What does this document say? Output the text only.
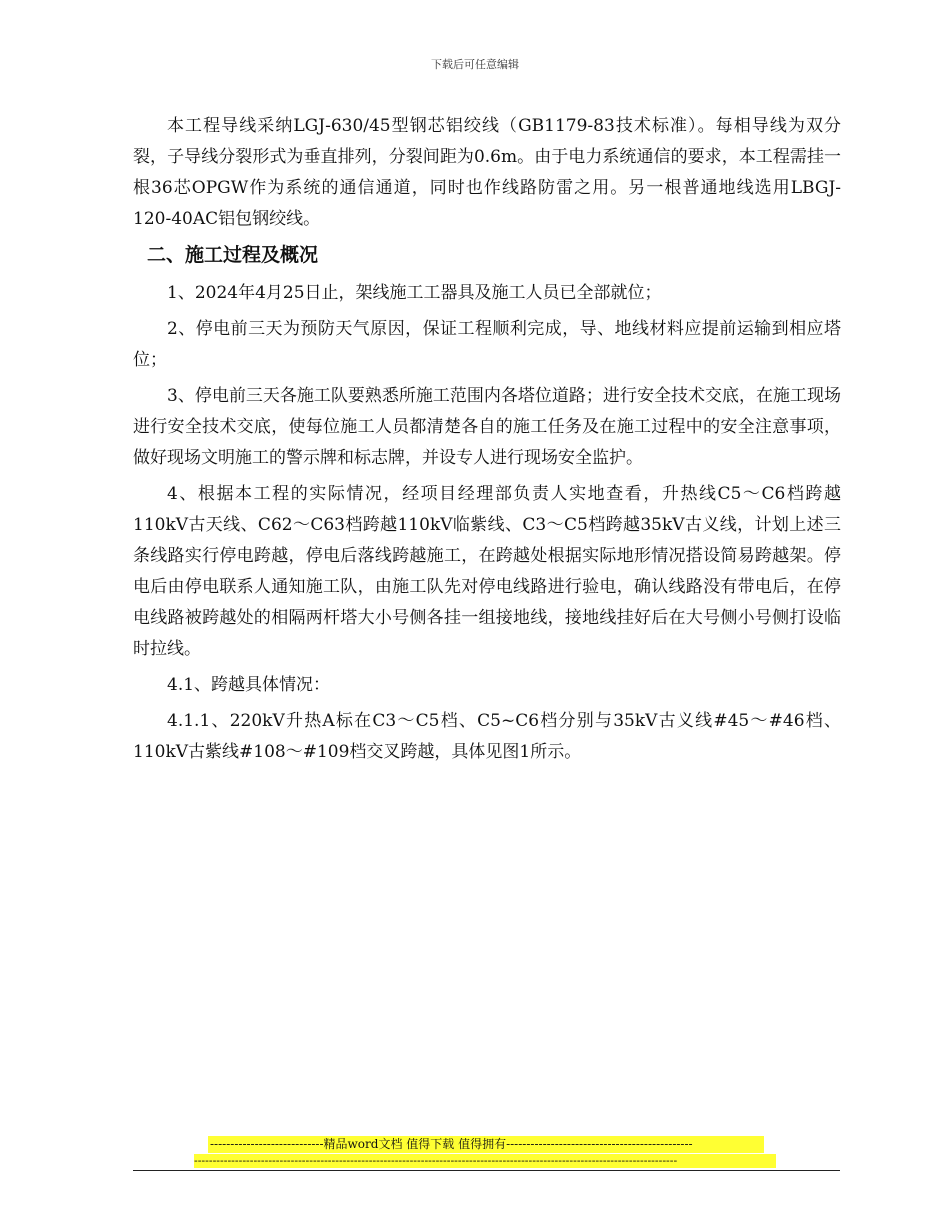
下载后可任意编辑

本工程导线采纳LGJ-630/45型钢芯铝绞线（GB1179-83技术标准）。每相导线为双分裂，子导线分裂形式为垂直排列，分裂间距为0.6m。由于电力系统通信的要求，本工程需挂一根36芯OPGW作为系统的通信通道，同时也作线路防雷之用。另一根普通地线选用LBGJ-120-40AC铝包钢绞线。

二、施工过程及概况

1、2024年4月25日止，架线施工工器具及施工人员已全部就位；

2、停电前三天为预防天气原因，保证工程顺利完成，导、地线材料应提前运输到相应塔位；

3、停电前三天各施工队要熟悉所施工范围内各塔位道路；进行安全技术交底，在施工现场进行安全技术交底，使每位施工人员都清楚各自的施工任务及在施工过程中的安全注意事项，做好现场文明施工的警示牌和标志牌，并设专人进行现场安全监护。

4、根据本工程的实际情况，经项目经理部负责人实地查看，升热线C5～C6档跨越110kV古天线、C62～C63档跨越110kV临紫线、C3～C5档跨越35kV古义线，计划上述三条线路实行停电跨越，停电后落线跨越施工，在跨越处根据实际地形情况搭设简易跨越架。停电后由停电联系人通知施工队，由施工队先对停电线路进行验电，确认线路没有带电后，在停电线路被跨越处的相隔两杆塔大小号侧各挂一组接地线，接地线挂好后在大号侧小号侧打设临时拉线。

4.1、跨越具体情况：

4.1.1、220kV升热A标在C3～C5档、C5~C6档分别与35kV古义线#45～#46档、110kV古紫线#108～#109档交叉跨越，具体见图1所示。

----------------------------精品word文档 值得下载 值得拥有----------------------------------------------
----------------------------------------------------------------------------------------------------------------------------------
